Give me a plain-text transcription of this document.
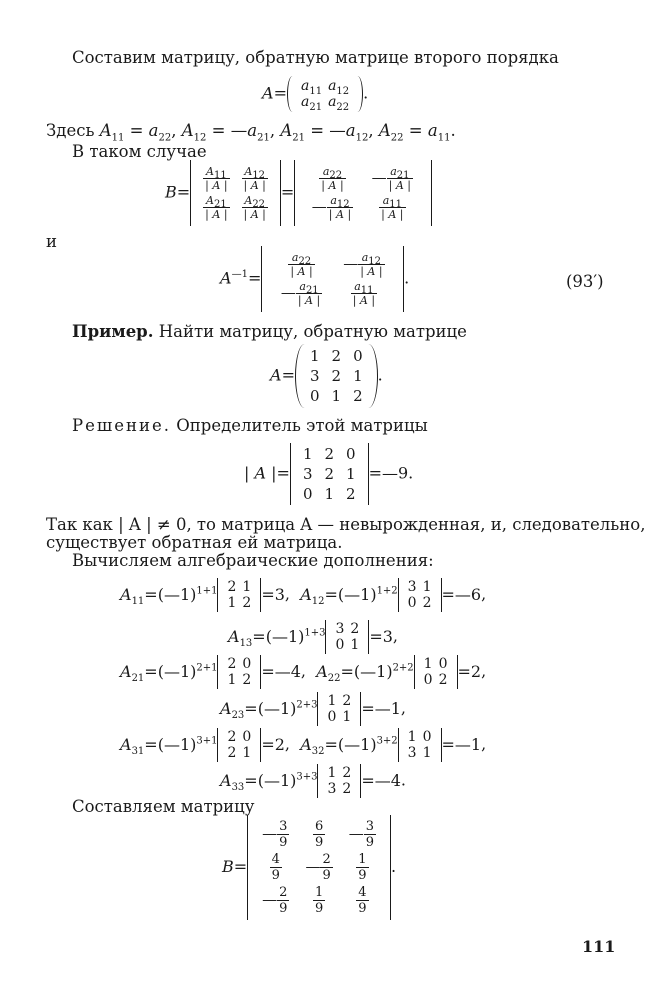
Составим матрицу, обратную матрице второго порядка
$A= a_{11}$	$a_{12}$
$a_{21}$	$a_{22}$
.
Здесь $A_{11} = a_{22}$, $A_{12}$ = $—a_{21}$, $A_{21}$ = $—a_{12}$, $A_{22} = a_{11}$.
В таком случае
$B= \frac{A_{11}}{| A |}$	$\frac{A_{12}}{| A |}$

$\frac{A_{21}}{| A |}$	$\frac{A_{22}}{| A |}$
= $\frac{a_{22}}{| A |}$	— $\frac{a_{21}}{| A |}$

— $\frac{a_{12}}{| A |}$	$\frac{a_{11}}{| A |}$
и
$A^{—1}= \frac{a_{22}}{| A |}$	— $\frac{a_{12}}{| A |}$

— $\frac{a_{21}}{| A |}$	$\frac{a_{11}}{| A |}$
.	(93′)
Пример. Найти матрицу, обратную матрице
A=
1	2	0
3	2	1
0	1	2
.
Решение. Определитель этой матрицы
| A |=
1	2	0
3	2	1
0	1	2
=—9.
Так как | A | ≠ 0, то матрица A — невырожденная, и, следовательно,
существует обратная ей матрица.
Вычисляем алгебраические дополнения:
$A_{11}=(—1)^{1+1}$ 2	1
1	2 =3,  $A_{12}=(—1)^{1+2}$ 3	1
0	2 =—6,
$A_{13}=(—1)^{1+3}$ 3	2
0	1 =3,
$A_{21}=(—1)^{2+1}$ 2	0
1	2 =—4,  $A_{22}=(—1)^{2+2}$ 1	0
0	2 =2,
$A_{23}=(—1)^{2+3}$ 1	2
0	1 =—1,
$A_{31}=(—1)^{3+1}$ 2	0
2	1 =2,  $A_{32}=(—1)^{3+2}$ 1	0
3	1 =—1,
$A_{33}=(—1)^{3+3}$ 1	2
3	2 =—4.
Составляем матрицу
B=
— $\frac{3}{9}$	$\frac{6}{9}$	— $\frac{3}{9}$

$\frac{4}{9}$	— $\frac{2}{9}$	$\frac{1}{9}$

— $\frac{2}{9}$	$\frac{1}{9}$	$\frac{4}{9}$
.
111
